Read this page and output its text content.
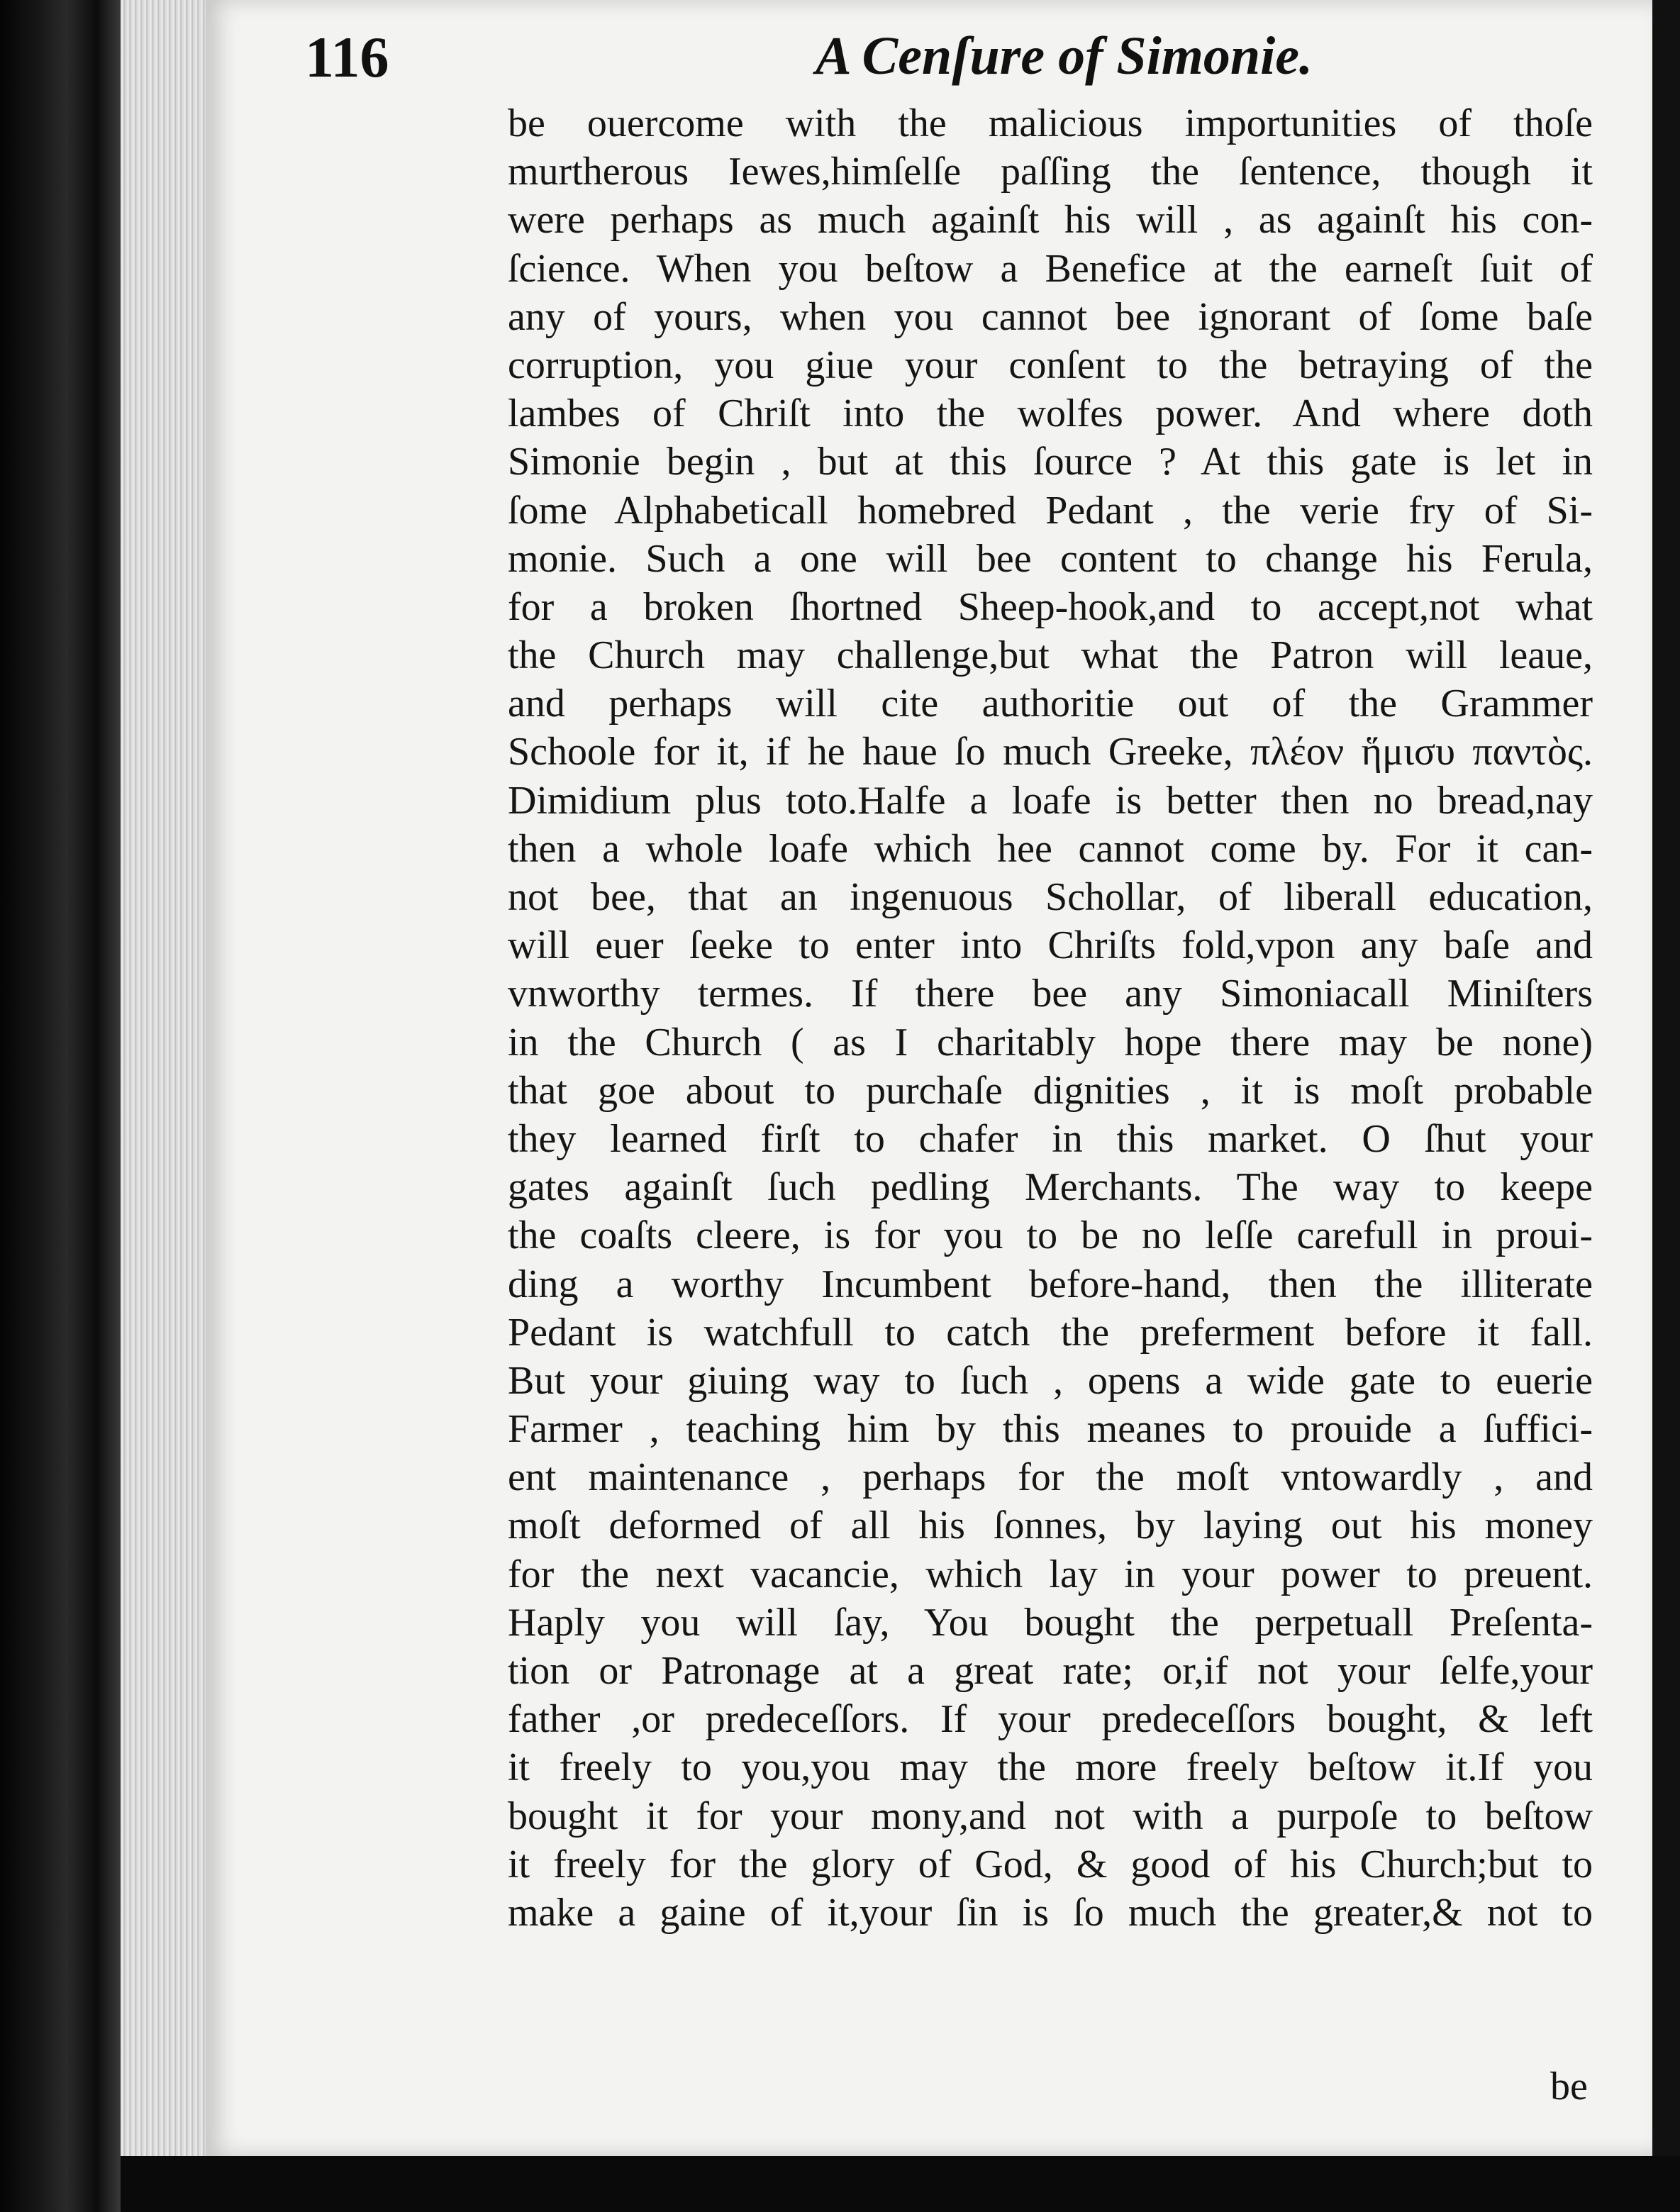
116	A Cenſure of Simonie.
be ouercome with the malicious importunities of thoſe
murtherous Iewes,himſelſe paſſing the ſentence, though it
were perhaps as much againſt his will , as againſt his con-
ſcience. When you beſtow a Benefice at the earneſt ſuit of
any of yours, when you cannot bee ignorant of ſome baſe
corruption, you giue your conſent to the betraying of the
lambes of Chriſt into the wolfes power. And where doth
Simonie begin , but at this ſource ? At this gate is let in
ſome Alphabeticall homebred Pedant , the verie fry of Si-
monie. Such a one will bee content to change his Ferula,
for a broken ſhortned Sheep-hook,and to accept,not what
the Church may challenge,but what the Patron will leaue,
and perhaps will cite authoritie out of the Grammer
Schoole for it, if he haue ſo much Greeke, πλέον ἥμισυ παντὸς.
Dimidium plus toto.Halfe a loafe is better then no bread,nay
then a whole loafe which hee cannot come by. For it can-
not bee, that an ingenuous Schollar, of liberall education,
will euer ſeeke to enter into Chriſts fold,vpon any baſe and
vnworthy termes. If there bee any Simoniacall Miniſters
in the Church ( as I charitably hope there may be none)
that goe about to purchaſe dignities , it is moſt probable
they learned firſt to chafer in this market. O ſhut your
gates againſt ſuch pedling Merchants. The way to keepe
the coaſts cleere, is for you to be no leſſe carefull in proui-
ding a worthy Incumbent before-hand, then the illiterate
Pedant is watchfull to catch the preferment before it fall.
But your giuing way to ſuch , opens a wide gate to euerie
Farmer , teaching him by this meanes to prouide a ſuffici-
ent maintenance , perhaps for the moſt vntowardly , and
moſt deformed of all his ſonnes, by laying out his money
for the next vacancie, which lay in your power to preuent.
Haply you will ſay, You bought the perpetuall Preſenta-
tion or Patronage at a great rate; or,if not your ſelfe,your
father ,or predeceſſors. If your predeceſſors bought, & left
it freely to you,you may the more freely beſtow it.If you
bought it for your mony,and not with a purpoſe to beſtow
it freely for the glory of God, & good of his Church;but to
make a gaine of it,your ſin is ſo much the greater,& not to
be
